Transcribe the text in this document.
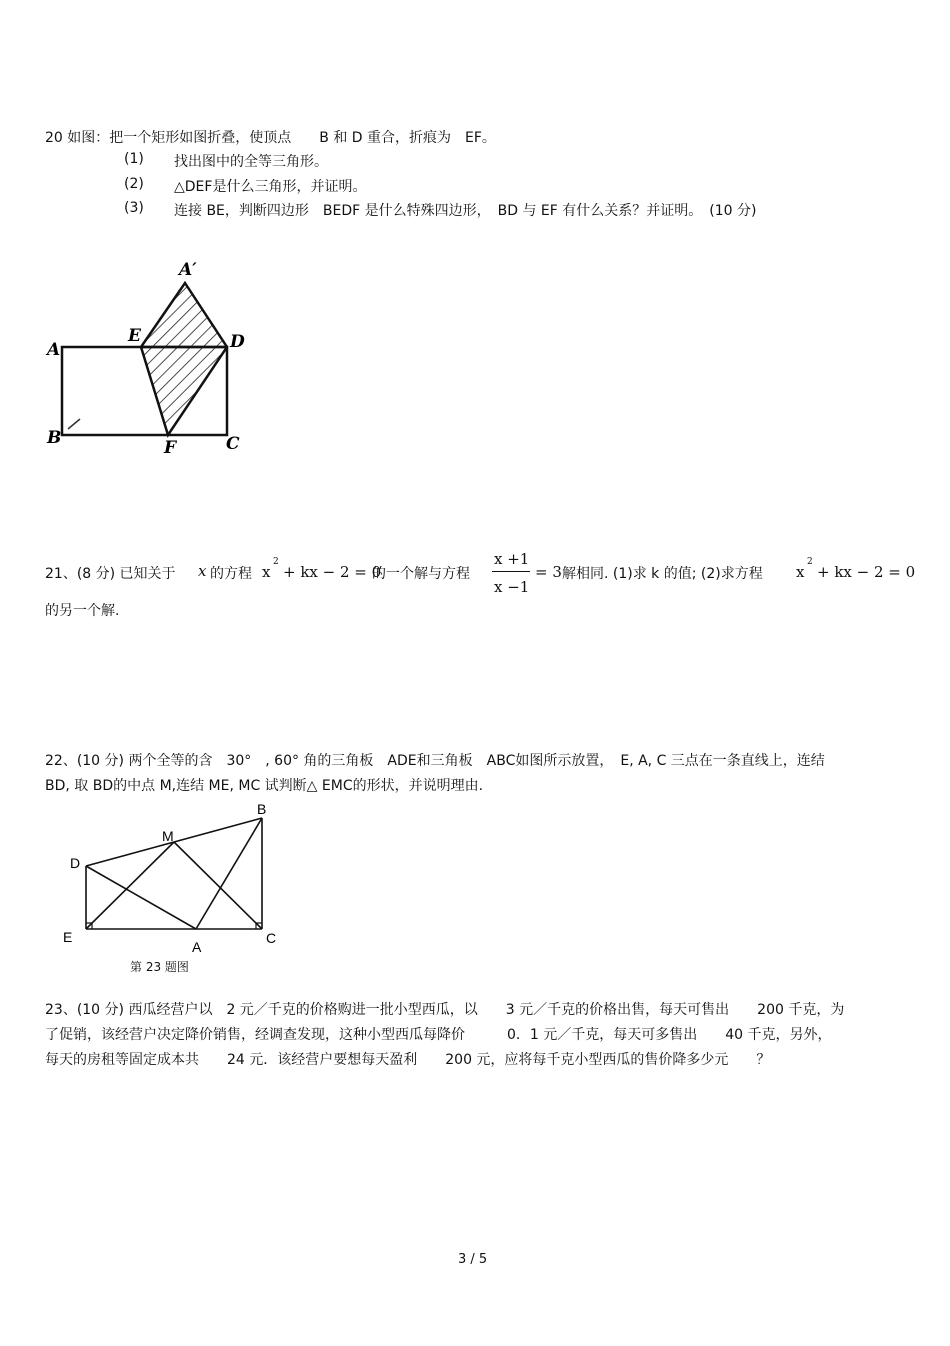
20 如图：把一个矩形如图折叠，使顶点　　B 和 D 重合，折痕为　EF。
(1) 找出图中的全等三角形。
(2) △DEF是什么三角形，并证明。
(3) 连接 BE，判断四边形　BEDF 是什么特殊四边形，　BD 与 EF 有什么关系？并证明。　(10 分)
A′
A
E	D
B	F	C
21、(8 分) 已知关于 x 的方程 x
2
+ kx − 2 = 0
的一个解与方程
x +1
x −1
= 3 解相同. (1)求 k 的值; (2)求方程 x
2
+ kx − 2 = 0
的另一个解.
22、(10 分) 两个全等的含　30°　, 60° 角的三角板　ADE和三角板　ABC如图所示放置，　E, A, C 三点在一条直线上，连结
BD, 取 BD的中点 M,连结 ME, MC 试判断△ EMC的形状，并说明理由.
B
M
D
E
A
C
第 23 题图
23、(10 分) 西瓜经营户以　2 元／千克的价格购进一批小型西瓜，以　　3 元／千克的价格出售，每天可售出　　200 千克，为
了促销，该经营户决定降价销售，经调查发现，这种小型西瓜每降价　　　0．1 元／千克，每天可多售出　　40 千克，另外，
每天的房租等固定成本共　　24 元．该经营户要想每天盈利　　200 元，应将每千克小型西瓜的售价降多少元　　？
3 / 5
